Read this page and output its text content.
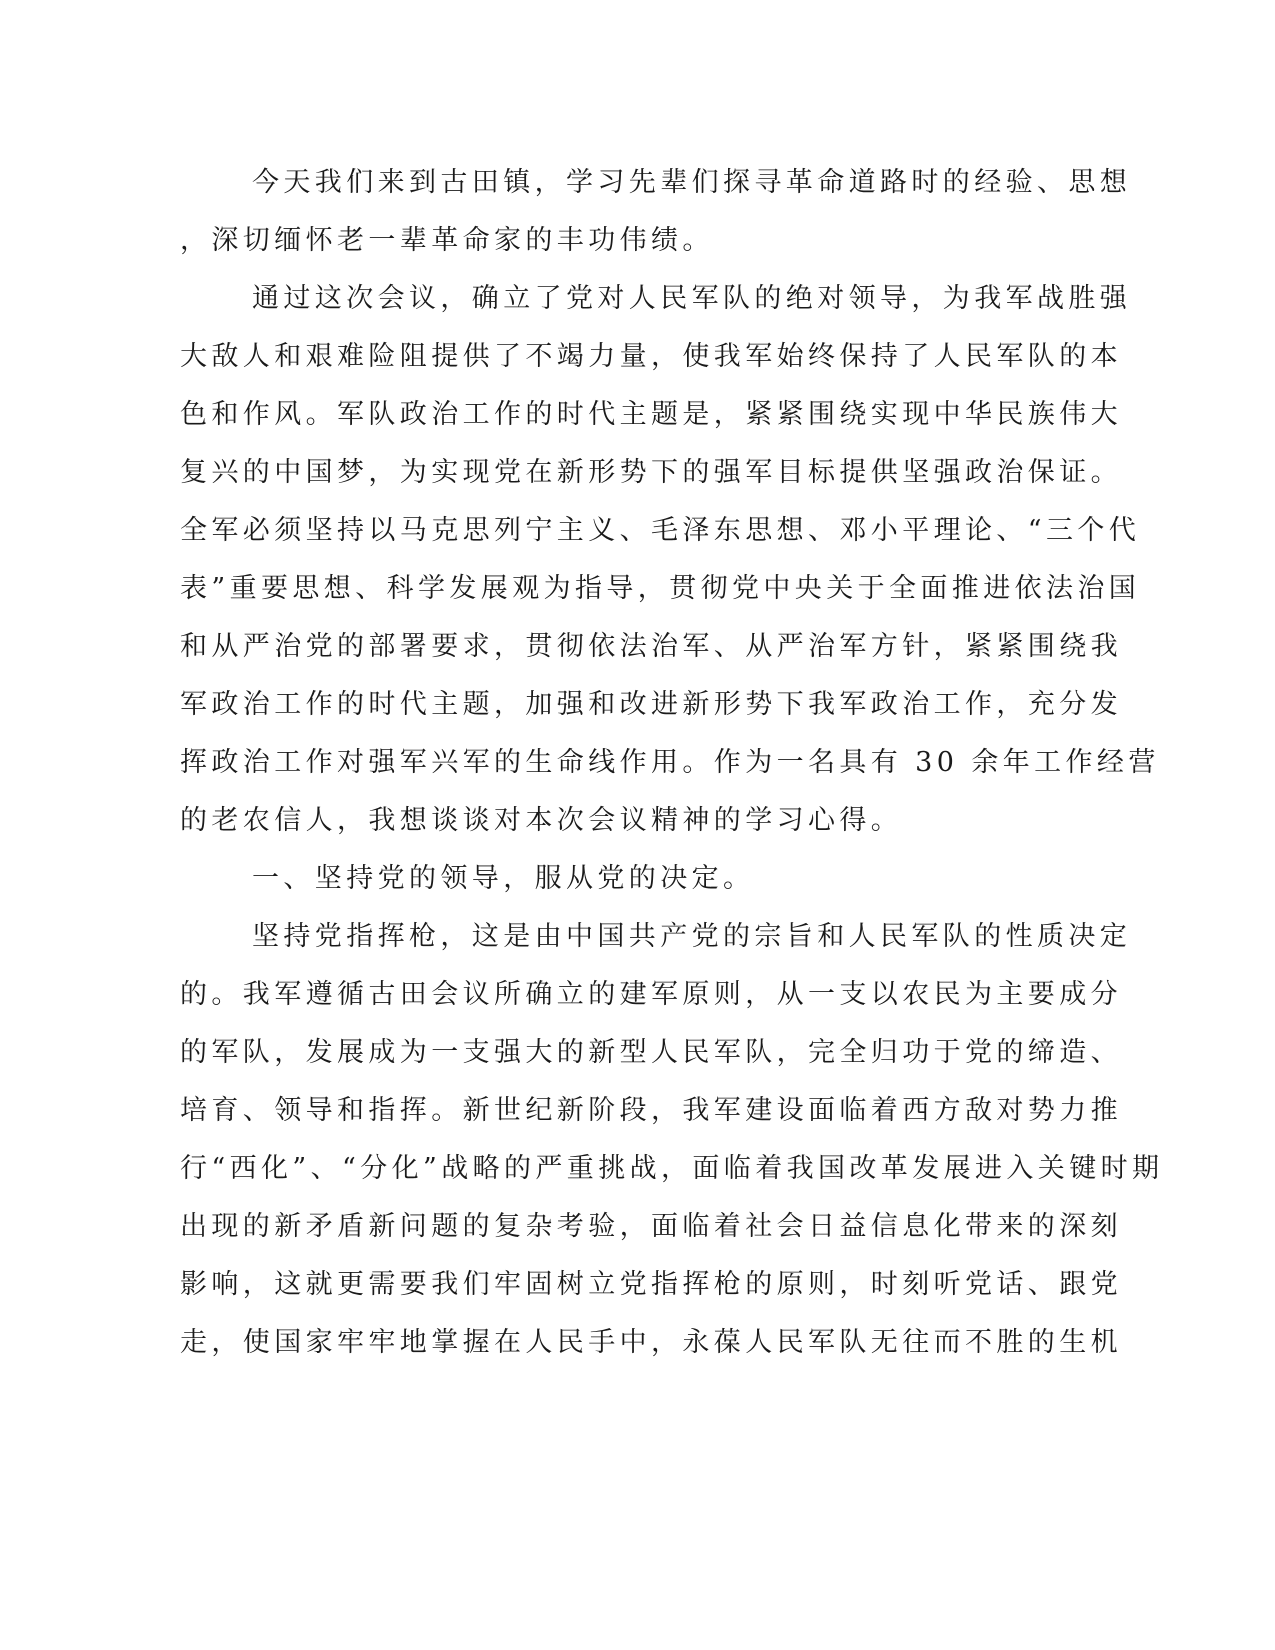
今天我们来到古田镇，学习先辈们探寻革命道路时的经验、思想
，深切缅怀老一辈革命家的丰功伟绩。
通过这次会议，确立了党对人民军队的绝对领导，为我军战胜强
大敌人和艰难险阻提供了不竭力量，使我军始终保持了人民军队的本
色和作风。军队政治工作的时代主题是，紧紧围绕实现中华民族伟大
复兴的中国梦，为实现党在新形势下的强军目标提供坚强政治保证。
全军必须坚持以马克思列宁主义、毛泽东思想、邓小平理论、“三个代
表”重要思想、科学发展观为指导，贯彻党中央关于全面推进依法治国
和从严治党的部署要求，贯彻依法治军、从严治军方针，紧紧围绕我
军政治工作的时代主题，加强和改进新形势下我军政治工作，充分发
挥政治工作对强军兴军的生命线作用。作为一名具有 30 余年工作经营
的老农信人，我想谈谈对本次会议精神的学习心得。
一、坚持党的领导，服从党的决定。
坚持党指挥枪，这是由中国共产党的宗旨和人民军队的性质决定
的。我军遵循古田会议所确立的建军原则，从一支以农民为主要成分
的军队，发展成为一支强大的新型人民军队，完全归功于党的缔造、
培育、领导和指挥。新世纪新阶段，我军建设面临着西方敌对势力推
行“西化”、“分化”战略的严重挑战，面临着我国改革发展进入关键时期
出现的新矛盾新问题的复杂考验，面临着社会日益信息化带来的深刻
影响，这就更需要我们牢固树立党指挥枪的原则，时刻听党话、跟党
走，使国家牢牢地掌握在人民手中，永葆人民军队无往而不胜的生机
